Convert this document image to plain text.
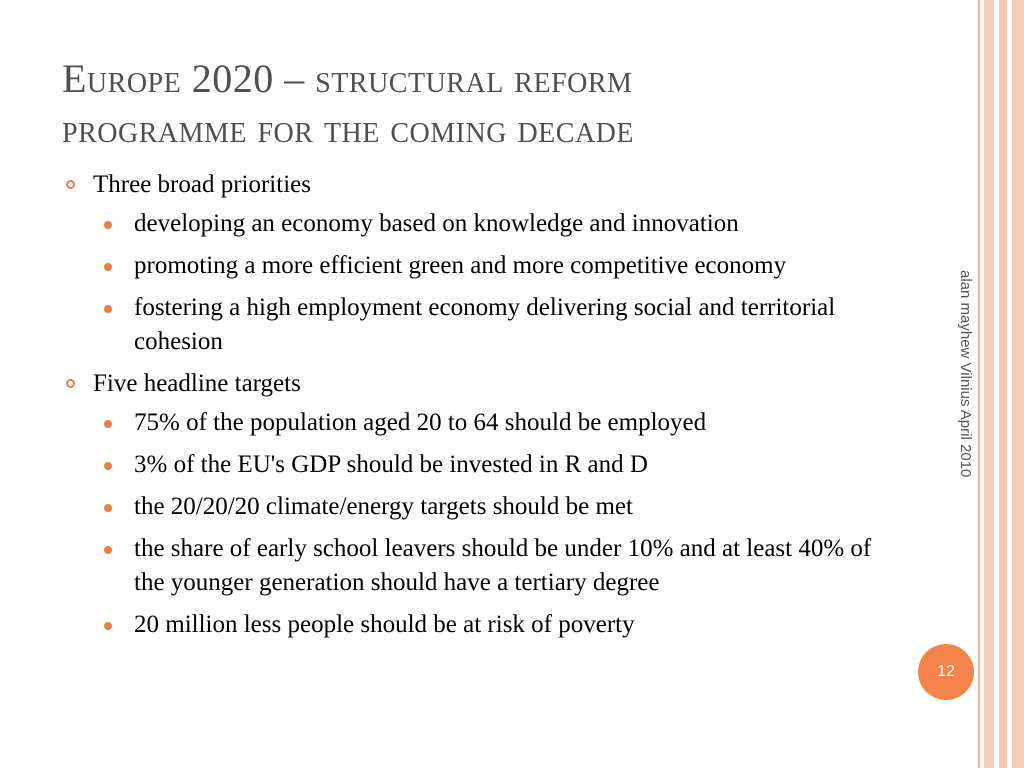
Europe 2020 – structural reform
programme for the coming decade
Three broad priorities
developing an economy based on knowledge and innovation
promoting a more efficient green and more competitive economy
fostering a high employment economy delivering social and territorial cohesion
Five headline targets
75% of the population aged 20 to 64 should be employed
3% of the EU's GDP should be invested in R and D
the 20/20/20 climate/energy targets should be met
the share of early school leavers should be under 10% and at least 40% of the younger generation should have a tertiary degree
20 million less people should be at risk of poverty
alan mayhew Vilnius April 2010
12
